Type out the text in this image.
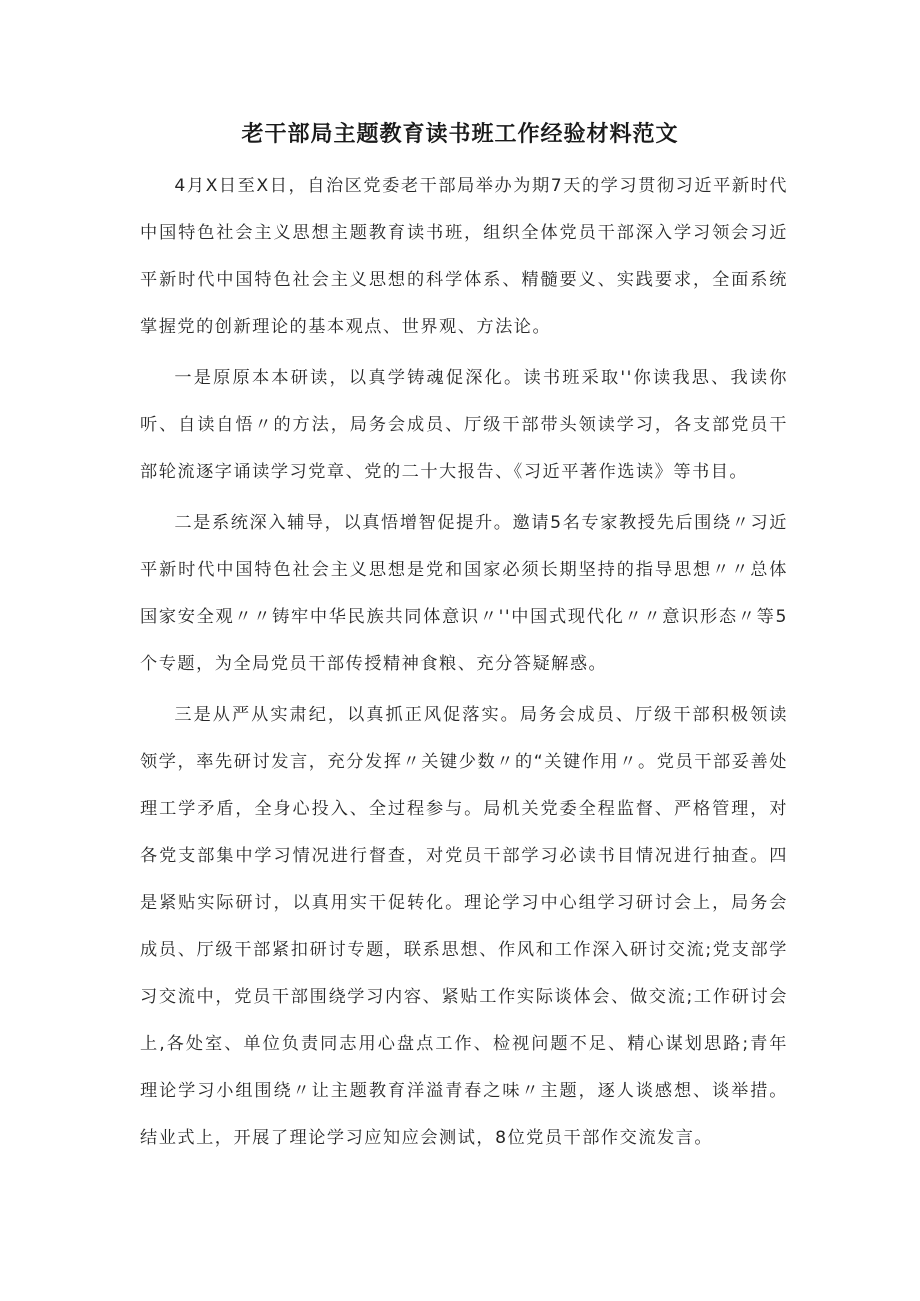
老干部局主题教育读书班工作经验材料范文

4月X日至X日，自治区党委老干部局举办为期7天的学习贯彻习近平新时代中国特色社会主义思想主题教育读书班，组织全体党员干部深入学习领会习近平新时代中国特色社会主义思想的科学体系、精髓要义、实践要求，全面系统掌握党的创新理论的基本观点、世界观、方法论。

一是原原本本研读，以真学铸魂促深化。读书班采取''你读我思、我读你听、自读自悟〃的方法，局务会成员、厅级干部带头领读学习，各支部党员干部轮流逐字诵读学习党章、党的二十大报告、《习近平著作选读》等书目。

二是系统深入辅导，以真悟增智促提升。邀请5名专家教授先后围绕〃习近平新时代中国特色社会主义思想是党和国家必须长期坚持的指导思想〃〃总体国家安全观〃〃铸牢中华民族共同体意识〃''中国式现代化〃〃意识形态〃等5个专题，为全局党员干部传授精神食粮、充分答疑解惑。

三是从严从实肃纪，以真抓正风促落实。局务会成员、厅级干部积极领读领学，率先研讨发言，充分发挥〃关键少数〃的“关键作用〃。党员干部妥善处理工学矛盾，全身心投入、全过程参与。局机关党委全程监督、严格管理，对各党支部集中学习情况进行督查，对党员干部学习必读书目情况进行抽查。四是紧贴实际研讨，以真用实干促转化。理论学习中心组学习研讨会上，局务会成员、厅级干部紧扣研讨专题，联系思想、作风和工作深入研讨交流;党支部学习交流中，党员干部围绕学习内容、紧贴工作实际谈体会、做交流;工作研讨会上,各处室、单位负责同志用心盘点工作、检视问题不足、精心谋划思路;青年理论学习小组围绕〃让主题教育洋溢青春之味〃主题，逐人谈感想、谈举措。结业式上，开展了理论学习应知应会测试，8位党员干部作交流发言。
